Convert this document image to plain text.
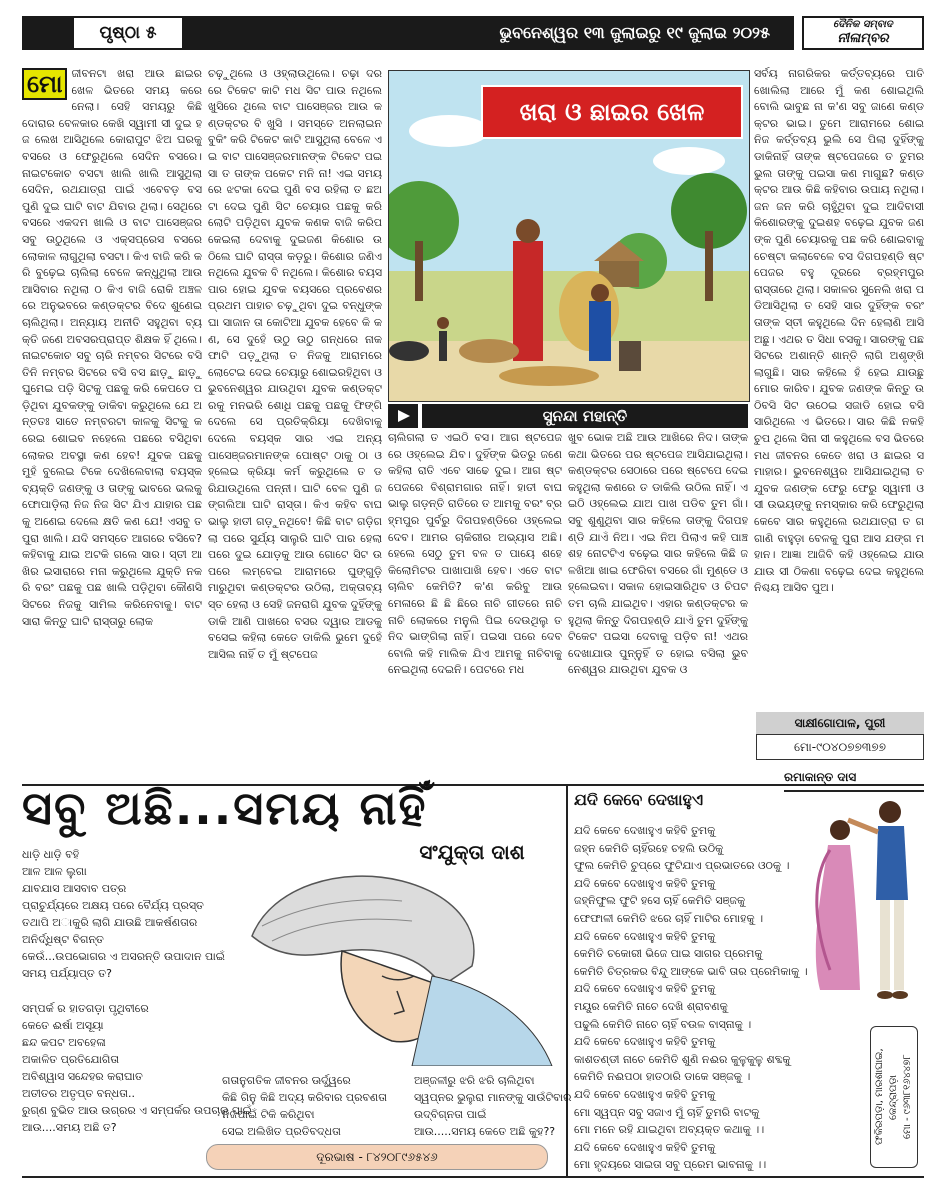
ପୃଷ୍ଠା ୫	ଭୁବନେଶ୍ୱର ୧୩ ଜୁଲାଇରୁ ୧୯ ଜୁଲାଇ ୨୦୨୫	ଦୈନିକ ସମ୍ବାଦ
ନୀଳାମ୍ବର
ମୋ ଜୀବନଟା ଖରା ଆଉ ଛାଇର ଖେଳ ଭିତରେ ସମୟ କରେ ନେଲା। ସେହି ସମୟରୁ କିଛି ଦୋରାର ବେଳକାର କେଖି ସ୍ୱାମୀ ସୀ ଦୁଇ ହଜ ଲେଖ ଆସିଥିଲେ କୋରାପୁଟ ଝିଅ ଘରକୁ ବସରେ ଓ ଫେରୁଥିଲେ ସେଦିନ ବସରେ। ନାଇଟକୋଚ ବସଟା ଖାଲି ଖାଲି ଆସୁଥିଲା ସେଦିନ, ରଥଯାତ୍ରା ପାଇଁ ଏବେବଡ଼ ବସ ପୁଣି ଦୁଇ ଘାଟି ବାଟ ଯିବାର ଥିଲା। ସେଥିରେ ବସରେ ଏକଦମ ଖାଲି ଓ ବାଟ ପାସେଞ୍ଜର ସବୁ ଉଠୁଥିଲେ ଓ ଏକ୍ସପ୍ରେସ ବସରେ ଲୋକାଳ ଲାଗୁଥିଲା ବସଟା। କିଏ ବାଜି କରି କରି ବୁଢ଼େଇ ଚାଲିଲା ବେଳେ କନ୍ଧୁଥିଲା ଆଉ ଆସିବାର ନଥିଲା ଠ କିଏ ବାଜି ରୋକି ଅଞ୍ଚଳରେ ଅନୁଭବରେ କଣ୍ଡକ୍ଟର ବିଦେ ଶୁଣେଇ ଚାଲିଥିଲା। ଅନ୍ୟାୟ ଅନୀତି ସହୁଥିବା ବ୍ୟକ୍ତି ଜଣେ ଅବସରପ୍ରାପ୍ତ ଶିକ୍ଷକ ହିଁ ଥିଲେ। ନାଇଟକୋଚ ସବୁ ଚାରି ନମ୍ବର ସିଟରେ ବସି ତିନି ନମ୍ବର ସିଟରେ ବସି ବସ ଛାଡ଼ୁ ଛାଡ଼ୁ ଘୁମେଇ ପଡ଼ି ସିଟକୁ ପଛକୁ କରି କେପଡେ ପଡ଼ିଥିବା ଯୁବକଙ୍କୁ ଡାକିବା କରୁଥିଲେ ଯେ ଅନ୍ତତଃ ସାତେ ନମ୍ବରଟା କାଳକୁ ସିଟକୁ କରେଇ ଶୋଇବ ନହେଲେ ପଛରେ ବସିଥିବା ଲୋକର ଅବସ୍ଥା କଣ ହେବ! ଯୁବକ ପଛକୁ ମୁହଁ ବୁଲେଇ ଟିକେ ଦେଖିଲେବାଲା ବୟସ୍କ ବ୍ୟକ୍ତି ଜଣଙ୍କୁ ଓ ତାଙ୍କୁ ଭାବରେ ଭଲକୁ ଫୋପାଡ଼ିଲା ନିଜ ନିଜ ସିଟ ଯିଏ ଯାହାର ପଛକୁ ଅଣେଇ ଦେଲେ କ୍ଷତି କଣ ଯେ! ଏସବୁ ତ ପୁରା ଖାଲି। ଯଦି ସମସ୍ତେ ଆଗରେ ବସିବେ? କହିବାକୁ ଯାଇ ଅଟକି ଗଲେ ସାର। ସ୍ତୀ ଆଖିର ଇସାରାରେ ମନା କରୁଥିଲେ ଯୁକ୍ତି ନକରି ବରଂ ପଛକୁ ପଛ ଖାଲି ପଡ଼ିଥିବା କୌଣସି ସିଟରେ ନିଜକୁ ସାମିଲ କରିନେବାକୁ। ବାଟ ସାରା କିନ୍ତୁ ଘାଟି ରାସ୍ତାରୁ ଲୋକ
ଚଢ଼ୁଥିଲେ ଓ ଓହ୍ଲାଉଥିଲେ। ଚଢ଼ା ଦରରେ ଟିକେଟ କାଟି ମଧ ସିଟ ପାଉ ନଥିଲେ ଖୁସିରେ ଥିଲେ ବାଟ ପାସେଞ୍ଜର ଆଉ କଣ୍ଡକ୍ଟର ବି ଖୁସି । ସମସ୍ତେ ଅନଲାଇନ ବୁକିଂ କରି ଟିକେଟ କାଟି ଆସୁଥିଲା ବେଳେ ଏଇ ବାଟ ପାସେଞ୍ଜରମାନଙ୍କ ଟିକେଟ ପଇସା ତ ତାଙ୍କ ପକେଟ ମନି ନା! ଏଇ ସମୟରେ ଝଟକା ଦେଇ ପୁଣି ବସ ରହିଲା ତ ଛଅଟା ଦେଇ ପୁଣି ସିଟ ଚେୟାର ପଛକୁ କରି ଲୋଟି ପଡ଼ିଥିବା ଯୁବକ କଣକ ବାଜି କରିପକେଇଲା ଦେବାକୁ ଦୁଇଜଣ କିଶୋର ଉଠିଲେ ଘାଟି ରାସ୍ତା କଡ଼ରୁ। କିଶୋର ଜଣିଏ ନଥିଲେ ଯୁବକ ବି ନଥିଲେ। କିଶୋର ବୟସ ପାର ହୋଇ ଯୁବକ ବୟସରେ ପ୍ରବେଶର ପ୍ରଥମ ପାହାଚ ଚଢ଼ୁଥିବା ଦୁଇ ବନ୍ଧୁଙ୍କ ଘା ସାଜାନ ତା କୋଟିଆ ଯୁବକ ହେବେ କି କଣ, ସେ ଦୁହେଁ ଉଠୁ ଉଠୁ ଗନ୍ଧରେ ନାକ ଫାଟି ପଡ଼ୁଥିଲା ତ ନିଜକୁ ଆରାମରେ ଲୋଟେଇ ଦେଇ ଚେୟାରୁ ଶୋଇରହିଥିବା ଓ ଭୁବନେଶ୍ୱର ଯାଉଥିବା ଯୁବକ କଣ୍ଡକ୍ଟରକୁ ମନଭରି ଶୋଧି ପଛକୁ ପଛକୁ ଫିଙ୍ଗି ଦେଲେ ସେ ପ୍ରତିକ୍ରିୟା ଦେଖିବାକୁ ଦେଲେ ବୟସ୍କ ସାର ଏଇ ଅନ୍ୟ ପାସେଞ୍ଜରମାନଙ୍କ ପୋଷ୍ଟ ଠାକୁ ଠା ଓହ୍ଲେଇ କ୍ରିୟା କର୍ମ କରୁଥିଲେ ତ ଡରିଯାଉଥିଲେ ପନ୍ନୀ। ଘାଟି ବେଳ ପୁଣି ଜଙ୍ଗଲିଆ ଘାଟି ରାସ୍ତା। କିଏ କହିବ ବାଘ ଭାଲୁ ହାତୀ ଗଡ଼ୁନଥିବେ! କିଛି ବାଟ ଗଡ଼ିଗଲା ପରେ ସୁର୍ଯ୍ୟ ସାଲୁରି ଘାଟି ପାର ହେଲା ପରେ ଦୁଇ ଯୋଡ଼କୁ ଆଉ ଗୋଟେ ସିଟ ଉପରେ ଲମ୍ବେଇ ଆରାମରେ ଘୁଙ୍ଗୁଡ଼ି ମାରୁଥିବା କଣ୍ଡକ୍ଟର ଉଠିଲା, ଅକ୍ତାବ୍ୟସ୍ତ ହେଲା ଓ ସେହି ଜନରାଗି ଯୁବକ ଦୁହିଁଙ୍କୁ ଡାକି ଆଣି ପାଖରେ ବସର ଦ୍ୱାର ଆଡକୁ ବସେଇ କହିଲା କେତେ ଡାକିଲି ଭୁମେ ଦୁହେଁ ଆସିଲ ନାହିଁ ତ ମୁଁ ଷ୍ଟପେଜ
ଖରା ଓ ଛାଇର ଖେଳ
ସୁନନ୍ଦା ମହାନ୍ତି
ଚାଲିଗଲା ତ ଏଇଠି ବସ। ଆଗ ଷ୍ଟପେଜରେ ଓହ୍ଲେଇ ଯିବ। ଦୁହିଁଙ୍କ ଭିତରୁ ଜଣେ କହିଲା ରାତି ଏବେ ସାଢେ ଦୁଇ। ଆଗ ଷ୍ଟପେଜରେ ବିଶ୍ରାମଗାର ନାହିଁ। ହାତୀ ବାଘ ଭାଲୁ ଗଡ଼ନ୍ତି ରାତିରେ ତ ଆମକୁ ବରଂ ବ୍ରହ୍ମପୁର ପୁର୍ବରୁ ଦିଗପହଣ୍ଡିରେ ଓହ୍ଲେଇ ଦେବ। ଆମର ଚାକିରୀର ଅଭ୍ୟାସ ଅଛି। ହେଲେ ସେଠୁ ତୁମ ବଳ ତ ପାୟେ ଶହେ କିଲୋମିଟର ପାଖାପାଖି ହେବ। ଏତେ ବାଟ ଚାଲିବ କେମିତି? କ'ଣ କରିବୁ ଆଉ ମେଳାରେ ଛି ଛି ଛିରେ ନାଚି ଗୀତରେ ନାଚି ନାଚି ଲୋକରେ ମନୁଲି ପିଇ ଦେଉଥିଲୁ ତ ନିଦ ଭାଙ୍ଗିଲା ନାହିଁ। ପଇସା ପରେ ଦେବ ବୋଲି କହି ମାଲିକ ଯିଏ ଆମକୁ ନାଚିବାକୁ ନେଇଥିଲା ଦେଇନି। ପେଟରେ ମଧ
ଖୁବ ଭୋକ ଅଛି ଆଉ ଆଖିରେ ନିଦ। ତାଙ୍କ କଥା ଭିତରେ ପର ଷ୍ଟପେଜ ଆସିଯାଇଥିଲା। କଣ୍ଡକ୍ଟର ସେଠାରେ ପରେ ଷ୍ଟେପେ ଦେଇ କହୁଥିଲା କଣରେ ତ ଡାକିଲି ଉଠିଲ ନାହିଁ। ଏଇଠି ଓହ୍ଲେଇ ଯାଅ ପାଖ ପଡିବ ତୁମ ଗାଁ। ସବୁ ଶୁଣୁଥିବା ସାର କହିଲେ ତାଙ୍କୁ ଦିଗପହଣ୍ଡି ଯାଏଁ ନିଅ। ଏଇ ନିଅ ପିଲାଏ କହି ପାଞ୍ଚଶହ ନୋଟଟିଏ ବଢ଼େଇ ସାର କହିଲେ କିଛି ଜଳଖିଆ ଖାଇ ଫେରିବା ବସରେ ଗାଁ ମୁଣ୍ଡେ ଓହ୍ଲେଇବା। ସକାଳ ହୋଇସାରିଥିବ ଓ ଚିପଟ ତମ ଚାଲି ଯାଇଥିବ। ଏହାର କଣ୍ଡକ୍ଟର କହୁଥିଲା କିନ୍ତୁ ଦିଗପହଣ୍ଡି ଯାଏଁ ତୁମ ଦୁହିଁଙ୍କୁ ଟିକେଟ ପଇସା ଦେବାକୁ ପଡ଼ିବ ନା! ଏଥର ଦେଖାଯାଉ ପୁନ୍ନୁହିଁ ତ ହୋଇ ବସିଲା ଭୁବନେଶ୍ୱର ଯାଉଥିବା ଯୁବକ ଓ
ସର୍ବୟ ନାଗରିକର କର୍ତ୍ତବ୍ୟରେ ପାତି ଖୋଲିଲା ଆରେ ମୁଁ କଣ ଶୋଇଥିଲି ବୋଲି ଭାବୁଛ ନା କ'ଣ ସବୁ ଜାଣେ କଣ୍ଡକ୍ଟର ଭାଇ। ତୁମେ ଆରାମରେ ଶୋଇ ନିଜ କର୍ତ୍ତବ୍ୟ ଭୁଲି ସେ ପିଲା ଦୁହିଁଙ୍କୁ ଡାକିନାହିଁ ତାଙ୍କ ଷ୍ଟପେଜରେ ତ ତୁମର ଭୁଲ ତାଙ୍କୁ ପଇସା କଣ ମାଗୁଛ? କଣ୍ଡକ୍ଟର ଆଉ କିଛି କହିବାର ଉପାୟ ନଥିଲା। ଜନ ଜନ କରି ଚାହୁଁଥିବା ଦୁଇ ଆଦିବାସୀ କିଶୋରଙ୍କୁ ଦୁଇଶହ ବଢ଼େଇ ଯୁବକ ଜଣଙ୍କ ପୁଣି ଚେୟାରକୁ ପଛ କରି ଶୋଇବାକୁ ଚେଷ୍ଟା କଲାବେଳେ ବସ ଦିଗପହଣ୍ଡି ଷ୍ଟପେଜର ବହୁ ଦୂରରେ ବ୍ରହ୍ମପୁର ରାସ୍ତାରେ ଥିଲା। ସକାଳର ସୁନେଲି ଖରା ପଡିଆସିଥିଲା ତ ସେହି ସାର ଦୁହିଁଙ୍କ ବରଂ ତାଙ୍କ ସ୍ତୀ କହୁଥିଲେ ଦିନ ହେଲାଣି ଆସି ଅଛୁ। ଏଥର ତ ସିଧା ବସକୁ। ସାରଙ୍କୁ ପଛ ସିଟରେ ଅଶାନ୍ତି ଶାନ୍ତି ଲାଗି ଅଶୃଙ୍ଖି ଲାଗୁଛି। ସାର କହିଲେ ହଁ ହେଇ ଯାଉଛୁ ମୋର କାରିବ। ଯୁବକ ଜଣଙ୍କ କିନ୍ତୁ ଉଠିବସି ସିଟ ଉଠେଇ ସଜାଡି ହୋଇ ବସି ସାରିଥିଲେ ଏ ଭିତରେ। ସାର କିଛି ନକହି ଚୁପ ଥିଲେ ସିନା ସୀ କହୁଥିଲେ ବସ ଭିତରେ ମଧ ଜୀବନର କେତେ ଖରା ଓ ଛାଇର ସମାହାର। ଭୁବନେଶ୍ୱର ଆସିଯାଇଥିଲା ତ ଯୁବକ ଜଣଙ୍କ ଫେରୁ ଫେରୁ ସ୍ୱାମୀ ଓ ସୀ ଉଭୟଙ୍କୁ ନମସ୍କାର କରି ଫେରୁଥିଲା କେବେ ସାର କହୁଥିଲେ ରଥଯାତ୍ରା ତ ଗଗାଣି ବାହୁଡ଼ା ବେଳକୁ ପୁରା ଆସ ଯଙ୍ଗ ମହାନ। ଆଜ୍ଞା ଆଜିବି କହି ଓହ୍ଲେଇ ଯାଉ ଯାଉ ସୀ ଠିକଣା ବଢ଼େଇ ଦେଇ କହୁଥିଲେ ନିଶ୍ଚୟ ଆସିବ ପୁଅ।
ସାକ୍ଷୀଗୋପାଳ, ପୁରୀ
ମୋ-୯୦୪୦୭୭୩୭୭
ସବୁ ଅଛି...ସମୟ ନାହିଁ
ସଂଯୁକ୍ତା ଦାଶ
ଧାଡ଼ି ଧାଡ଼ି ବହି
ଆଳ ଆଳ ଲୁଗା
ଯାବଯାସ ଆସବାବ ପତ୍ର
ପ୍ରାଚୁର୍ଯ୍ୟରେ ଅକ୍ଷୟ ପରେ ବୈର୍ଯ୍ୟ ପ୍ରସ୍ତ
ତଥାପି ଅାକୁରି ଲାଗି ଯାଉଛି ଆକର୍ଷଣତାର
ଅନିର୍ଦ୍ଧିଷ୍ଟ ବିଗନ୍ତ
କେଉଁ...ଉପଭୋଗର ଏ ଅସରନ୍ତି ଉପାଦାନ ପାଇଁ
ସମୟ ପର୍ଯ୍ୟାପ୍ତ ତ?
ସମ୍ପର୍କ ର ହାତଗଡ଼ା ପୃଥିବୀରେ
କେତେ ଈର୍ଷା ଅସୂୟା
ଛନ୍ଦ କପଟ ଅବହେଳା
ଅକାଳିତ ପ୍ରତିଯୋଗିତା
ଅବିଶ୍ୱାସ ସନ୍ଦେହର କରାଘାତ
ଅତୀତର ଅତୃପ୍ତ ବନ୍ଧତା..
ରୁଗ୍ଣ ବୁଭିତ ଆଉ ଉଗ୍ରର ଏ ସମ୍ପର୍କର ଉପଚାର ପାଇଁ
ଆଉ....ସମୟ ଅଛି ତ?
ଗତାନୁଗତିକ ଜୀବନର ଊର୍ଦ୍ଧ୍ୱରେ
କିଛି ଗିନୁ କିଛି ଅଦ୍ୟ କରିବାର ପ୍ରବଣତା
ନିଜପାଇଁ ଟିକି କରିଥିବା
ସେଇ ଅଲିଖିତ ପ୍ରତିବଦ୍ଧତା
ଅଞ୍ଜଳୀରୁ ଝରି ଝରି ଚାଲିଥିବା
ସ୍ୱପ୍ନର ଭୁଲୁରା ମାନଙ୍କୁ ସାଉଁଟିବାର
ଉଦ୍ବିଗ୍ନତା ପାଇଁ
ଆଉ.....ସମୟ କେତେ ଅଛି କୁହ??
ଦୂରଭାଷ - ୮୪୨୦୮୯୬୫୪୬
ଯଦି କେବେ ଦେଖାହୁଏ
ରମାକାନ୍ତ ଦାସ
ଯଦି କେବେ ଦେଖାହୁଏ କହିବି ତୁମକୁ
ଜହ୍ନ କେମିତି ଚାହିଁରହେ ଚହଲି ଉଠିକୁ
ଫୁଲ କେମିତି ଚୁପ୍‌ରେ ଫୁଟିଯାଏ ପ୍ରଭାତରେ ଓଠକୁ ।
ଯଦି କେବେ ଦେଖାହୁଏ କହିବି ତୁମକୁ
ଜହ୍ନିଫୁଲ ଫୁଟି ହସେ ଚାହିଁ କେମିତି ସଞ୍ଜକୁ
ଫେଫାଳୀ କେମିତି ଝରେ ଚାହିଁ ମାଟିର ମୋହକୁ ।
ଯଦି କେବେ ଦେଖାହୁଏ କହିବି ତୁମକୁ
କେମିତି ଚକୋରୀ ଭିଜେ ପାଇ ସାଗର ପ୍ରେମକୁ
କେମିତି ଚିତ୍ରକର ବିନ୍ଦୁ ଆଙ୍କେ ଭାବି ତାର ପ୍ରେମିକାକୁ ।
ଯଦି କେବେ ଦେଖାହୁଏ କହିବି ତୁମକୁ
ମୟୂର କେମିତି ନାଚେ ଦେଖି ଶ୍ରାବଣକୁ
ପଢୁଲି କେମିତି ନାଚେ ଚାହିଁ ବଉଳ ବାସ୍ନାକୁ ।
ଯଦି କେବେ ଦେଖାହୁଏ କହିବି ତୁମକୁ
କାଶତଣ୍ଡୀ ନାଚେ କେମିତି ଶୁଣି ନଈର କୁଳୁକୁଳୁ ଶବ୍ଦକୁ
କେମିତି ନଈପଠା ହାତଠାରି ଡାକେ ସଞ୍ଜକୁ ।
ଯଦି କେବେ ଦେଖାହୁଏ କହିବି ତୁମକୁ
ମୋ ସ୍ୱପ୍ନ ସବୁ ସଜାଏ ମୁଁ ଚାହିଁ ତୁମରି ବାଟକୁ
ମୋ ମନେ ରହି ଯାଇଥିବା ଅବ୍ୟକ୍ତ କଥାକୁ ।।
ଯଦି କେବେ ଦେଖାହୁଏ କହିବି ତୁମକୁ
ମୋ ହୃଦୟରେ ସାଇତା ସବୁ ପ୍ରେମ ଭାବନାକୁ ।।
ଫକିରପଡ଼ା, ମାରଶାଘାଇ, କେନ୍ଦ୍ରାପଡ଼ା ମୋ - ୯୬୩୮୧୬୪୪୭୮
